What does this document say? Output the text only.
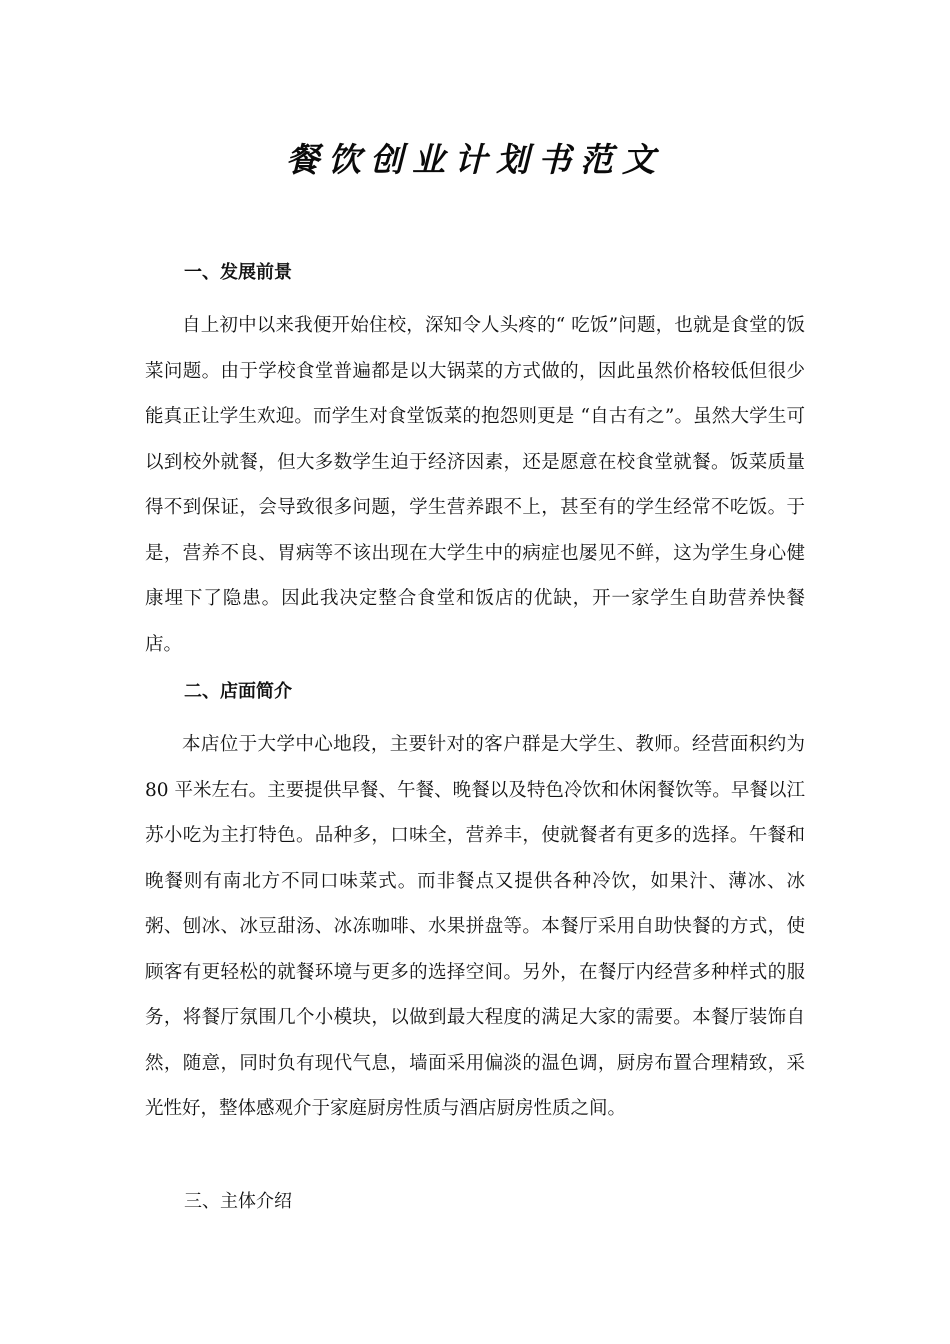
餐饮创业计划书范文
一、发展前景
自上初中以来我便开始住校，深知令人头疼的“ 吃饭”问题，也就是食堂的饭菜问题。由于学校食堂普遍都是以大锅菜的方式做的，因此虽然价格较低但很少能真正让学生欢迎。而学生对食堂饭菜的抱怨则更是 “自古有之”。虽然大学生可以到校外就餐，但大多数学生迫于经济因素，还是愿意在校食堂就餐。饭菜质量得不到保证，会导致很多问题，学生营养跟不上，甚至有的学生经常不吃饭。于是，营养不良、胃病等不该出现在大学生中的病症也屡见不鲜，这为学生身心健康埋下了隐患。因此我决定整合食堂和饭店的优缺，开一家学生自助营养快餐店。
二、店面简介
本店位于大学中心地段，主要针对的客户群是大学生、教师。经营面积约为 80 平米左右。主要提供早餐、午餐、晚餐以及特色冷饮和休闲餐饮等。早餐以江苏小吃为主打特色。品种多，口味全，营养丰，使就餐者有更多的选择。午餐和晚餐则有南北方不同口味菜式。而非餐点又提供各种冷饮，如果汁、薄冰、冰粥、刨冰、冰豆甜汤、冰冻咖啡、水果拼盘等。本餐厅采用自助快餐的方式，使顾客有更轻松的就餐环境与更多的选择空间。另外，在餐厅内经营多种样式的服务，将餐厅氛围几个小模块，以做到最大程度的满足大家的需要。本餐厅装饰自然，随意，同时负有现代气息，墙面采用偏淡的温色调，厨房布置合理精致，采光性好，整体感观介于家庭厨房性质与酒店厨房性质之间。
三、主体介绍
